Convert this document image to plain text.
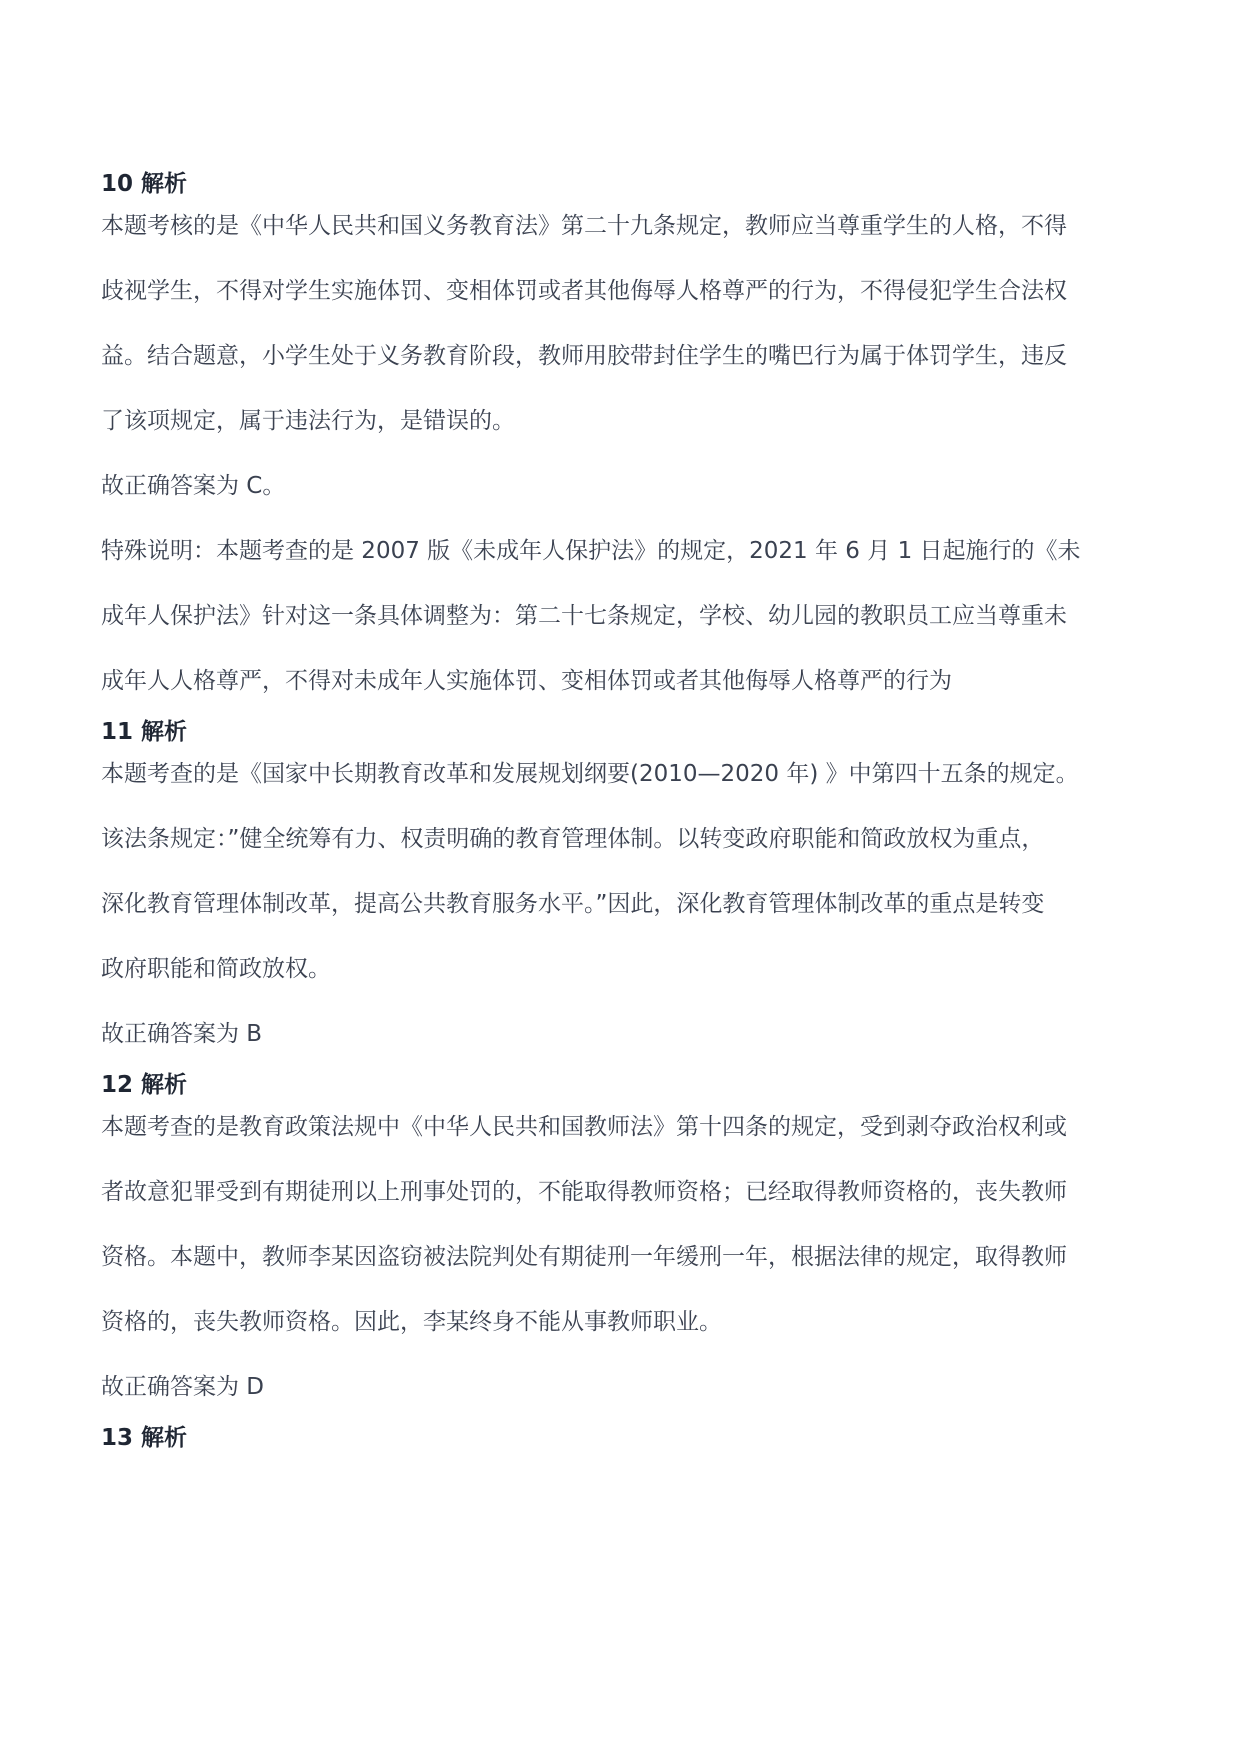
10 解析
本题考核的是《中华人民共和国义务教育法》第二十九条规定，教师应当尊重学生的人格，不得
歧视学生，不得对学生实施体罚、变相体罚或者其他侮辱人格尊严的行为，不得侵犯学生合法权
益。结合题意，小学生处于义务教育阶段，教师用胶带封住学生的嘴巴行为属于体罚学生，违反
了该项规定，属于违法行为，是错误的。

故正确答案为 C。

特殊说明：本题考查的是 2007 版《未成年人保护法》的规定，2021 年 6 月 1 日起施行的《未
成年人保护法》针对这一条具体调整为：第二十七条规定，学校、幼儿园的教职员工应当尊重未
成年人人格尊严，不得对未成年人实施体罚、变相体罚或者其他侮辱人格尊严的行为
11 解析
本题考查的是《国家中长期教育改革和发展规划纲要(2010—2020 年) 》中第四十五条的规定。
该法条规定：”健全统筹有力、权责明确的教育管理体制。以转变政府职能和简政放权为重点，
深化教育管理体制改革，提高公共教育服务水平。”因此，深化教育管理体制改革的重点是转变
政府职能和简政放权。

故正确答案为 B

12 解析
本题考查的是教育政策法规中《中华人民共和国教师法》第十四条的规定，受到剥夺政治权利或
者故意犯罪受到有期徒刑以上刑事处罚的，不能取得教师资格；已经取得教师资格的，丧失教师
资格。本题中，教师李某因盗窃被法院判处有期徒刑一年缓刑一年，根据法律的规定，取得教师
资格的，丧失教师资格。因此，李某终身不能从事教师职业。

故正确答案为 D

13 解析
